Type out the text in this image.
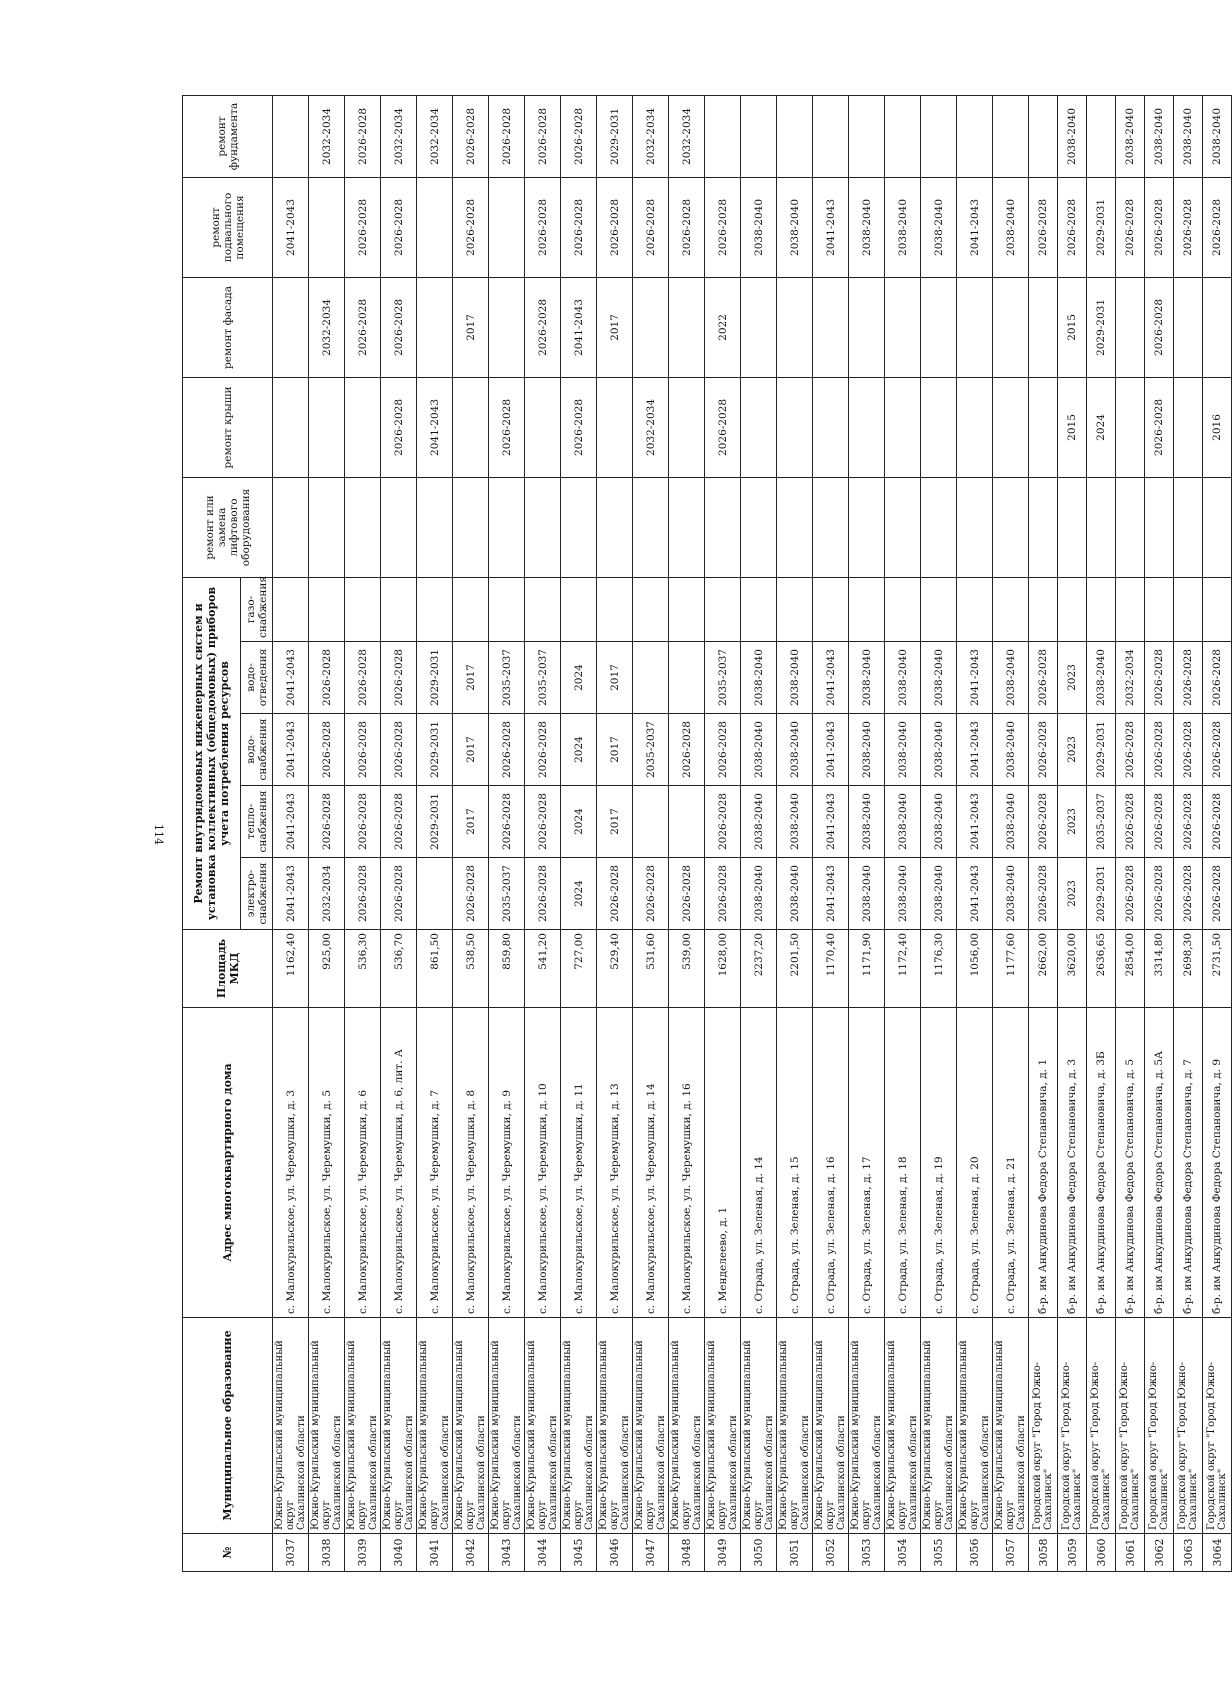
114
№	Муниципальное образование	Адрес многоквартирного дома	Площадь МКД	Ремонт внутридомовых инженерных систем и установка коллективных (общедомовых) приборов учета потребления ресурсов					ремонт или замена лифтового оборудования	ремонт крыши	ремонт фасада	ремонт подвального помещения	ремонт фундамента
				электро-снабжения	тепло-снабжения	водо-снабжения	водо-отведения	газо-снабжения					
3037	Южно-Курильский муниципальный округ
Сахалинской области	с. Малокурильское, ул. Черемушки, д. 3	1162,40	2041-2043	2041-2043	2041-2043	2041-2043					2041-2043	
3038	Южно-Курильский муниципальный округ
Сахалинской области	с. Малокурильское, ул. Черемушки, д. 5	925,00	2032-2034	2026-2028	2026-2028	2026-2028				2032-2034		2032-2034
3039	Южно-Курильский муниципальный округ
Сахалинской области	с. Малокурильское, ул. Черемушки, д. 6	536,30	2026-2028	2026-2028	2026-2028	2026-2028				2026-2028	2026-2028	2026-2028
3040	Южно-Курильский муниципальный округ
Сахалинской области	с. Малокурильское, ул. Черемушки, д. 6, лит. А	536,70	2026-2028	2026-2028	2026-2028	2026-2028			2026-2028	2026-2028	2026-2028	2032-2034
3041	Южно-Курильский муниципальный округ
Сахалинской области	с. Малокурильское, ул. Черемушки, д. 7	861,50		2029-2031	2029-2031	2029-2031			2041-2043			2032-2034
3042	Южно-Курильский муниципальный округ
Сахалинской области	с. Малокурильское, ул. Черемушки, д. 8	538,50	2026-2028	2017	2017	2017				2017	2026-2028	2026-2028
3043	Южно-Курильский муниципальный округ
Сахалинской области	с. Малокурильское, ул. Черемушки, д. 9	859,80	2035-2037	2026-2028	2026-2028	2035-2037			2026-2028			2026-2028
3044	Южно-Курильский муниципальный округ
Сахалинской области	с. Малокурильское, ул. Черемушки, д. 10	541,20	2026-2028	2026-2028	2026-2028	2035-2037				2026-2028	2026-2028	2026-2028
3045	Южно-Курильский муниципальный округ
Сахалинской области	с. Малокурильское, ул. Черемушки, д. 11	727,00	2024	2024	2024	2024			2026-2028	2041-2043	2026-2028	2026-2028
3046	Южно-Курильский муниципальный округ
Сахалинской области	с. Малокурильское, ул. Черемушки, д. 13	529,40	2026-2028	2017	2017	2017				2017	2026-2028	2029-2031
3047	Южно-Курильский муниципальный округ
Сахалинской области	с. Малокурильское, ул. Черемушки, д. 14	531,60	2026-2028		2035-2037				2032-2034		2026-2028	2032-2034
3048	Южно-Курильский муниципальный округ
Сахалинской области	с. Малокурильское, ул. Черемушки, д. 16	539,00	2026-2028		2026-2028						2026-2028	2032-2034
3049	Южно-Курильский муниципальный округ
Сахалинской области	с. Менделеево, д. 1	1628,00	2026-2028	2026-2028	2026-2028	2035-2037			2026-2028	2022	2026-2028	
3050	Южно-Курильский муниципальный округ
Сахалинской области	с. Отрада, ул. Зеленая, д. 14	2237,20	2038-2040	2038-2040	2038-2040	2038-2040					2038-2040	
3051	Южно-Курильский муниципальный округ
Сахалинской области	с. Отрада, ул. Зеленая, д. 15	2201,50	2038-2040	2038-2040	2038-2040	2038-2040					2038-2040	
3052	Южно-Курильский муниципальный округ
Сахалинской области	с. Отрада, ул. Зеленая, д. 16	1170,40	2041-2043	2041-2043	2041-2043	2041-2043					2041-2043	
3053	Южно-Курильский муниципальный округ
Сахалинской области	с. Отрада, ул. Зеленая, д. 17	1171,90	2038-2040	2038-2040	2038-2040	2038-2040					2038-2040	
3054	Южно-Курильский муниципальный округ
Сахалинской области	с. Отрада, ул. Зеленая, д. 18	1172,40	2038-2040	2038-2040	2038-2040	2038-2040					2038-2040	
3055	Южно-Курильский муниципальный округ
Сахалинской области	с. Отрада, ул. Зеленая, д. 19	1176,30	2038-2040	2038-2040	2038-2040	2038-2040					2038-2040	
3056	Южно-Курильский муниципальный округ
Сахалинской области	с. Отрада, ул. Зеленая, д. 20	1056,00	2041-2043	2041-2043	2041-2043	2041-2043					2041-2043	
3057	Южно-Курильский муниципальный округ
Сахалинской области	с. Отрада, ул. Зеленая, д. 21	1177,60	2038-2040	2038-2040	2038-2040	2038-2040					2038-2040	
3058	Городской округ "Город Южно-Сахалинск"	б-р. им Анкудинова Федора Степановича, д. 1	2662,00	2026-2028	2026-2028	2026-2028	2026-2028					2026-2028	
3059	Городской округ "Город Южно-Сахалинск"	б-р. им Анкудинова Федора Степановича, д. 3	3620,00	2023	2023	2023	2023			2015	2015	2026-2028	2038-2040
3060	Городской округ "Город Южно-Сахалинск"	б-р. им Анкудинова Федора Степановича, д. 3Б	2636,65	2029-2031	2035-2037	2029-2031	2038-2040			2024	2029-2031	2029-2031	
3061	Городской округ "Город Южно-Сахалинск"	б-р. им Анкудинова Федора Степановича, д. 5	2854,00	2026-2028	2026-2028	2026-2028	2032-2034					2026-2028	2038-2040
3062	Городской округ "Город Южно-Сахалинск"	б-р. им Анкудинова Федора Степановича, д. 5А	3314,80	2026-2028	2026-2028	2026-2028	2026-2028			2026-2028	2026-2028	2026-2028	2038-2040
3063	Городской округ "Город Южно-Сахалинск"	б-р. им Анкудинова Федора Степановича, д. 7	2698,30	2026-2028	2026-2028	2026-2028	2026-2028					2026-2028	2038-2040
3064	Городской округ "Город Южно-Сахалинск"	б-р. им Анкудинова Федора Степановича, д. 9	2731,50	2026-2028	2026-2028	2026-2028	2026-2028			2016		2026-2028	2038-2040
